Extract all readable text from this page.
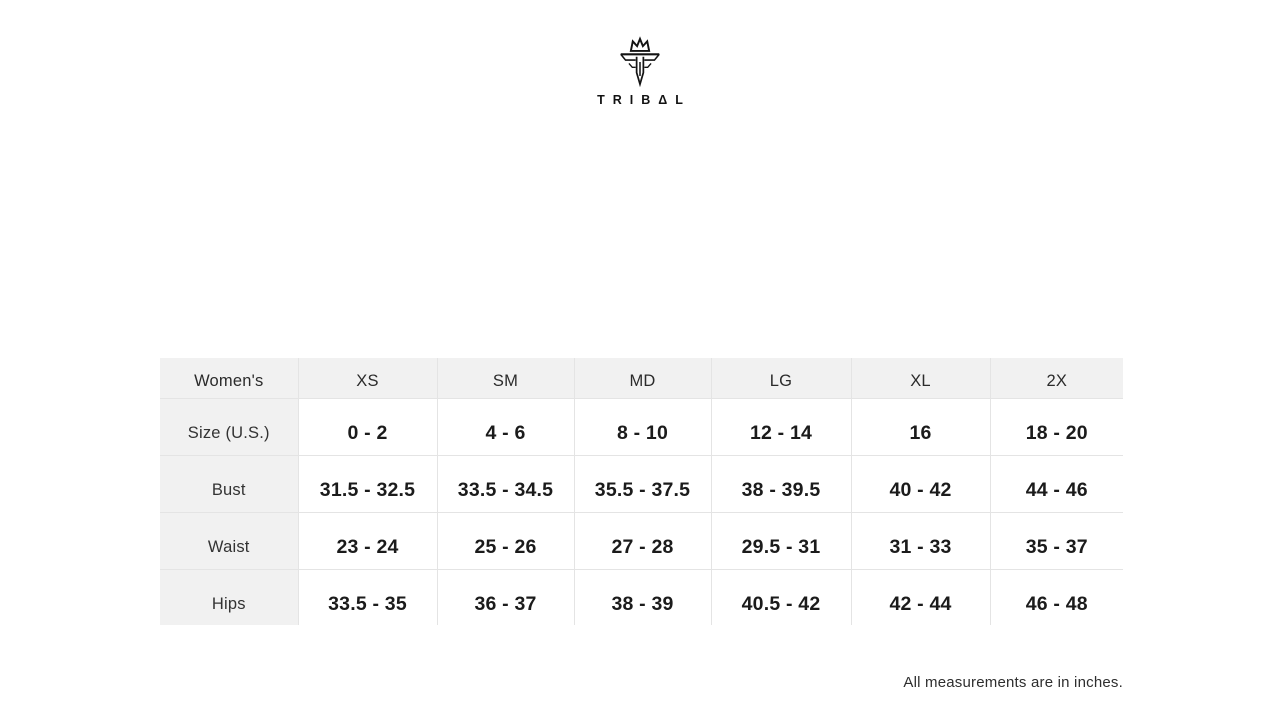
TRIBΔL
Women's	XS	SM	MD	LG	XL	2X
Size (U.S.)	0 - 2	4 - 6	8 - 10	12 - 14	16	18 - 20
Bust	31.5 - 32.5	33.5 - 34.5	35.5 - 37.5	38 - 39.5	40 - 42	44 - 46
Waist	23 - 24	25 - 26	27 - 28	29.5 - 31	31 - 33	35 - 37
Hips	33.5 - 35	36 - 37	38 - 39	40.5 - 42	42 - 44	46 - 48
All measurements are in inches.
